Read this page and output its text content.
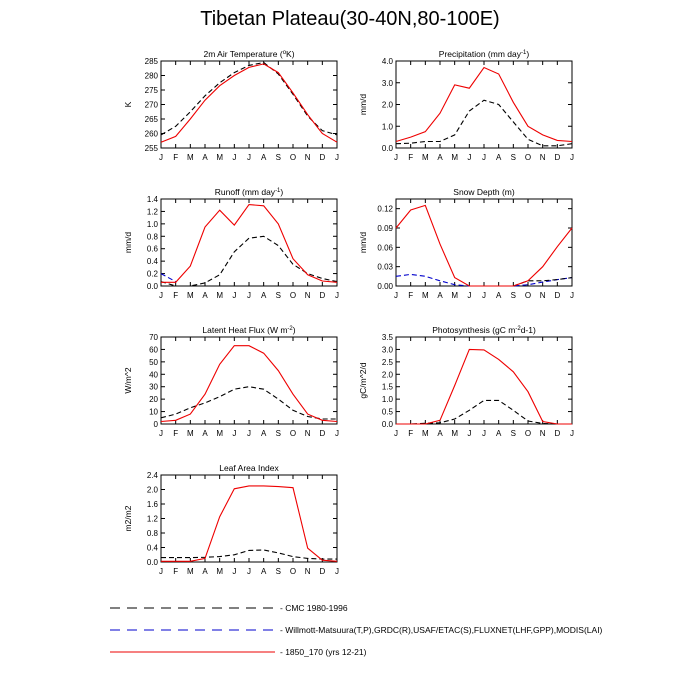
Tibetan Plateau(30-40N,80-100E)
2m Air Temperature ($^o$K)
255
260
265
270
275
280
285
J F M A M J J A S O N D J
K
Precipitation (mm day$^{-1}$)
0.0
1.0
2.0
3.0
4.0
J F M A M J J A S O N D J
mm/d
Runoff (mm day$^{-1}$)
0.0
0.2
0.4
0.6
0.8
1.0
1.2
1.4
J F M A M J J A S O N D J
mm/d
Snow Depth (m)
0.00
0.03
0.06
0.09
0.12
J F M A M J J A S O N D J
mm/d
Latent Heat Flux (W $m^{-2}$)
0
10
20
30
40
50
60
70
J F M A M J J A S O N D J
W/m^2
Photosynthesis (gC $m^{-2}d-1$)
0.0
0.5
1.0
1.5
2.0
2.5
3.0
3.5
J F M A M J J A S O N D J
gC/m^2/d
Leaf Area Index
0.0
0.4
0.8
1.2
1.6
2.0
2.4
J F M A M J J A S O N D J
m2/m2
- CMC 1980-1996
- Willmott-Matsuura(T,P),GRDC(R),USAF/ETAC(S),FLUXNET(LHF,GPP),MODIS(LAI)
- 1850_170 (yrs 12-21)
